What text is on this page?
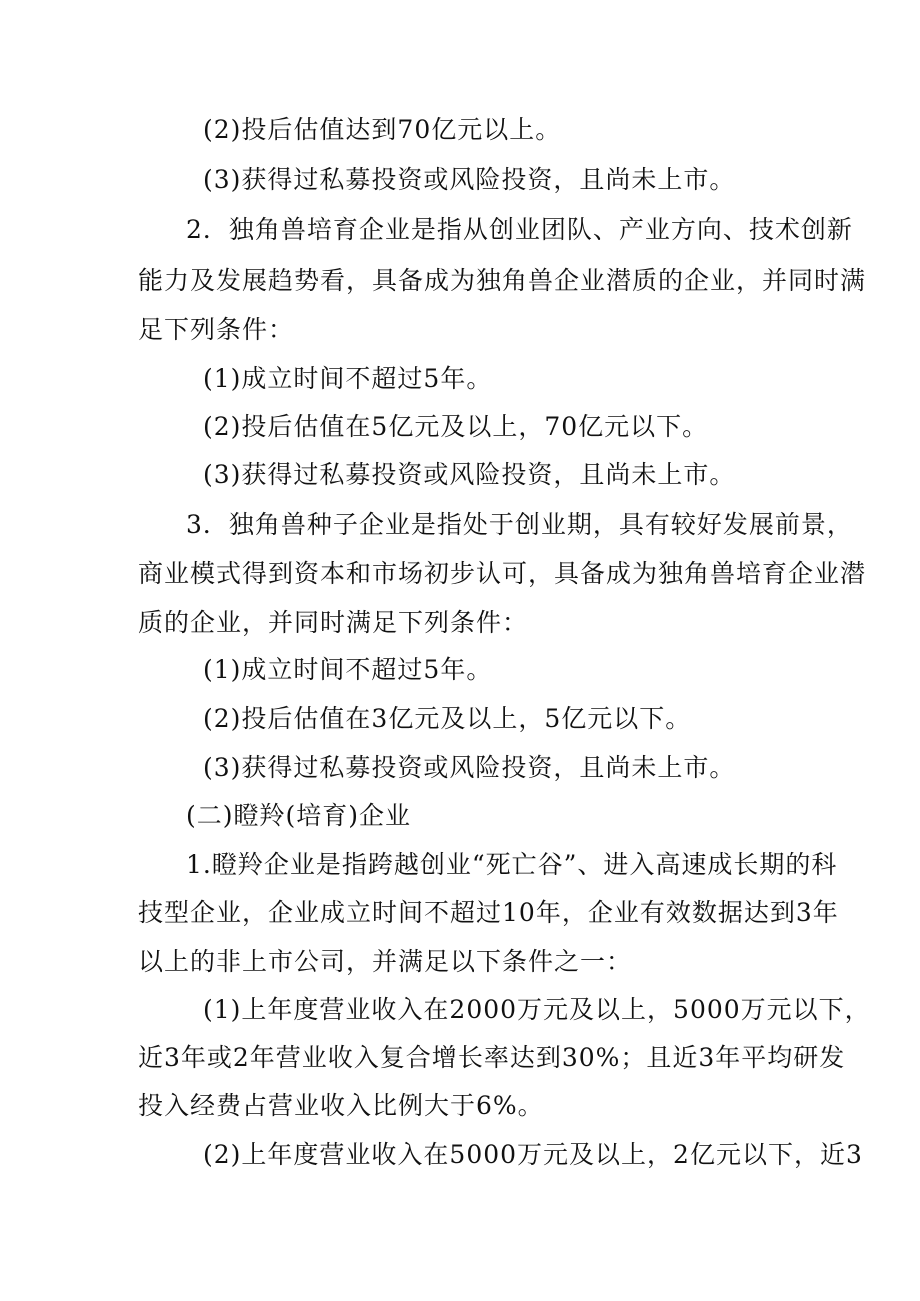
(2)投后估值达到70亿元以上。
(3)获得过私募投资或风险投资，且尚未上市。
2．独角兽培育企业是指从创业团队、产业方向、技术创新
能力及发展趋势看，具备成为独角兽企业潜质的企业，并同时满
足下列条件：
(1)成立时间不超过5年。
(2)投后估值在5亿元及以上，70亿元以下。
(3)获得过私募投资或风险投资，且尚未上市。
3．独角兽种子企业是指处于创业期，具有较好发展前景，
商业模式得到资本和市场初步认可，具备成为独角兽培育企业潜
质的企业，并同时满足下列条件：
(1)成立时间不超过5年。
(2)投后估值在3亿元及以上，5亿元以下。
(3)获得过私募投资或风险投资，且尚未上市。
(二)瞪羚(培育)企业
1.瞪羚企业是指跨越创业“死亡谷”、进入高速成长期的科
技型企业，企业成立时间不超过10年，企业有效数据达到3年
以上的非上市公司，并满足以下条件之一：
(1)上年度营业收入在2000万元及以上，5000万元以下，
近3年或2年营业收入复合增长率达到30%；且近3年平均研发
投入经费占营业收入比例大于6%。
(2)上年度营业收入在5000万元及以上，2亿元以下，近3
